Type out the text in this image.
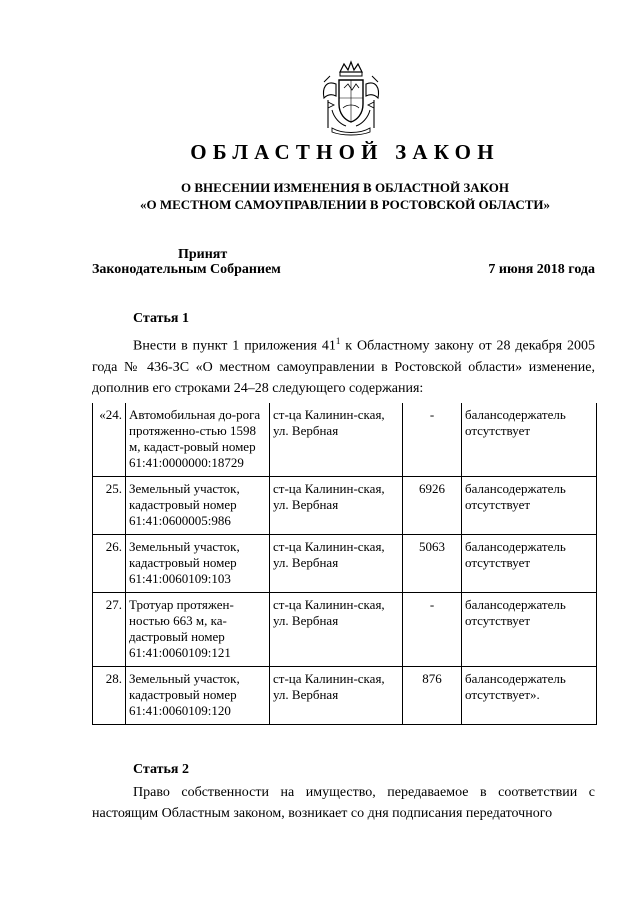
ОБЛАСТНОЙ ЗАКОН
О ВНЕСЕНИИ ИЗМЕНЕНИЯ В ОБЛАСТНОЙ ЗАКОН
«О МЕСТНОМ САМОУПРАВЛЕНИИ В РОСТОВСКОЙ ОБЛАСТИ»
Принят
Законодательным Собранием	7 июня 2018 года
Статья 1
Внести в пункт 1 приложения $41^1$ к Областному закону от 28 декабря 2005 года № 436-ЗС «О местном самоуправлении в Ростовской области» изменение, дополнив его строками 24–28 следующего содержания:
«24.	Автомобильная до-рога протяженно-стью 1598 м, кадаст-ровый номер 61:41:0000000:18729	ст-ца Калинин-ская, ул. Вербная	-	балансодержатель отсутствует
25.	Земельный участок, кадастровый номер 61:41:0600005:986	ст-ца Калинин-ская, ул. Вербная	6926	балансодержатель отсутствует
26.	Земельный участок, кадастровый номер 61:41:0060109:103	ст-ца Калинин-ская, ул. Вербная	5063	балансодержатель отсутствует
27.	Тротуар протяжен-ностью 663 м, ка-дастровый номер 61:41:0060109:121	ст-ца Калинин-ская, ул. Вербная	-	балансодержатель отсутствует
28.	Земельный участок, кадастровый номер 61:41:0060109:120	ст-ца Калинин-ская, ул. Вербная	876	балансодержатель отсутствует».
Статья 2
Право собственности на имущество, передаваемое в соответствии с настоящим Областным законом, возникает со дня подписания передаточного
